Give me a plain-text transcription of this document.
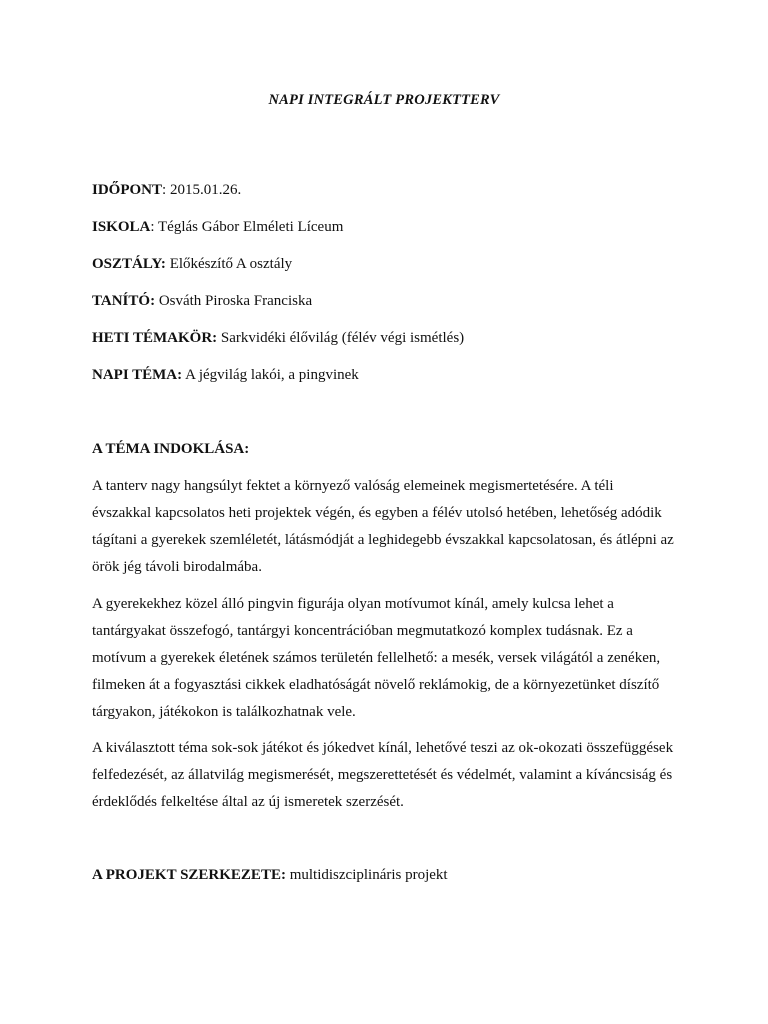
NAPI INTEGRÁLT PROJEKTTERV
IDŐPONT: 2015.01.26.
ISKOLA: Téglás Gábor Elméleti Líceum
OSZTÁLY: Előkészítő A osztály
TANÍTÓ: Osváth Piroska Franciska
HETI TÉMAKÖR: Sarkvidéki élővilág (félév végi ismétlés)
NAPI TÉMA: A jégvilág lakói, a pingvinek
A TÉMA INDOKLÁSA:
A tanterv nagy hangsúlyt fektet a környező valóság elemeinek megismertetésére. A téli
évszakkal kapcsolatos heti projektek végén, és egyben a félév utolsó hetében, lehetőség adódik
tágítani a gyerekek szemléletét, látásmódját a leghidegebb évszakkal kapcsolatosan, és átlépni az
örök jég távoli birodalmába.
A gyerekekhez közel álló pingvin figurája olyan motívumot kínál, amely kulcsa lehet a
tantárgyakat összefogó, tantárgyi koncentrációban megmutatkozó komplex tudásnak. Ez a
motívum a gyerekek életének számos területén fellelhető: a mesék, versek világától a zenéken,
filmeken át a fogyasztási cikkek eladhatóságát növelő reklámokig, de a környezetünket díszítő
tárgyakon, játékokon is találkozhatnak vele.
A kiválasztott téma sok-sok játékot és jókedvet kínál, lehetővé teszi az ok-okozati összefüggések
felfedezését, az állatvilág megismerését, megszerettetését és védelmét, valamint a kíváncsiság és
érdeklődés felkeltése által az új ismeretek szerzését.
A PROJEKT SZERKEZETE: multidiszciplináris projekt
